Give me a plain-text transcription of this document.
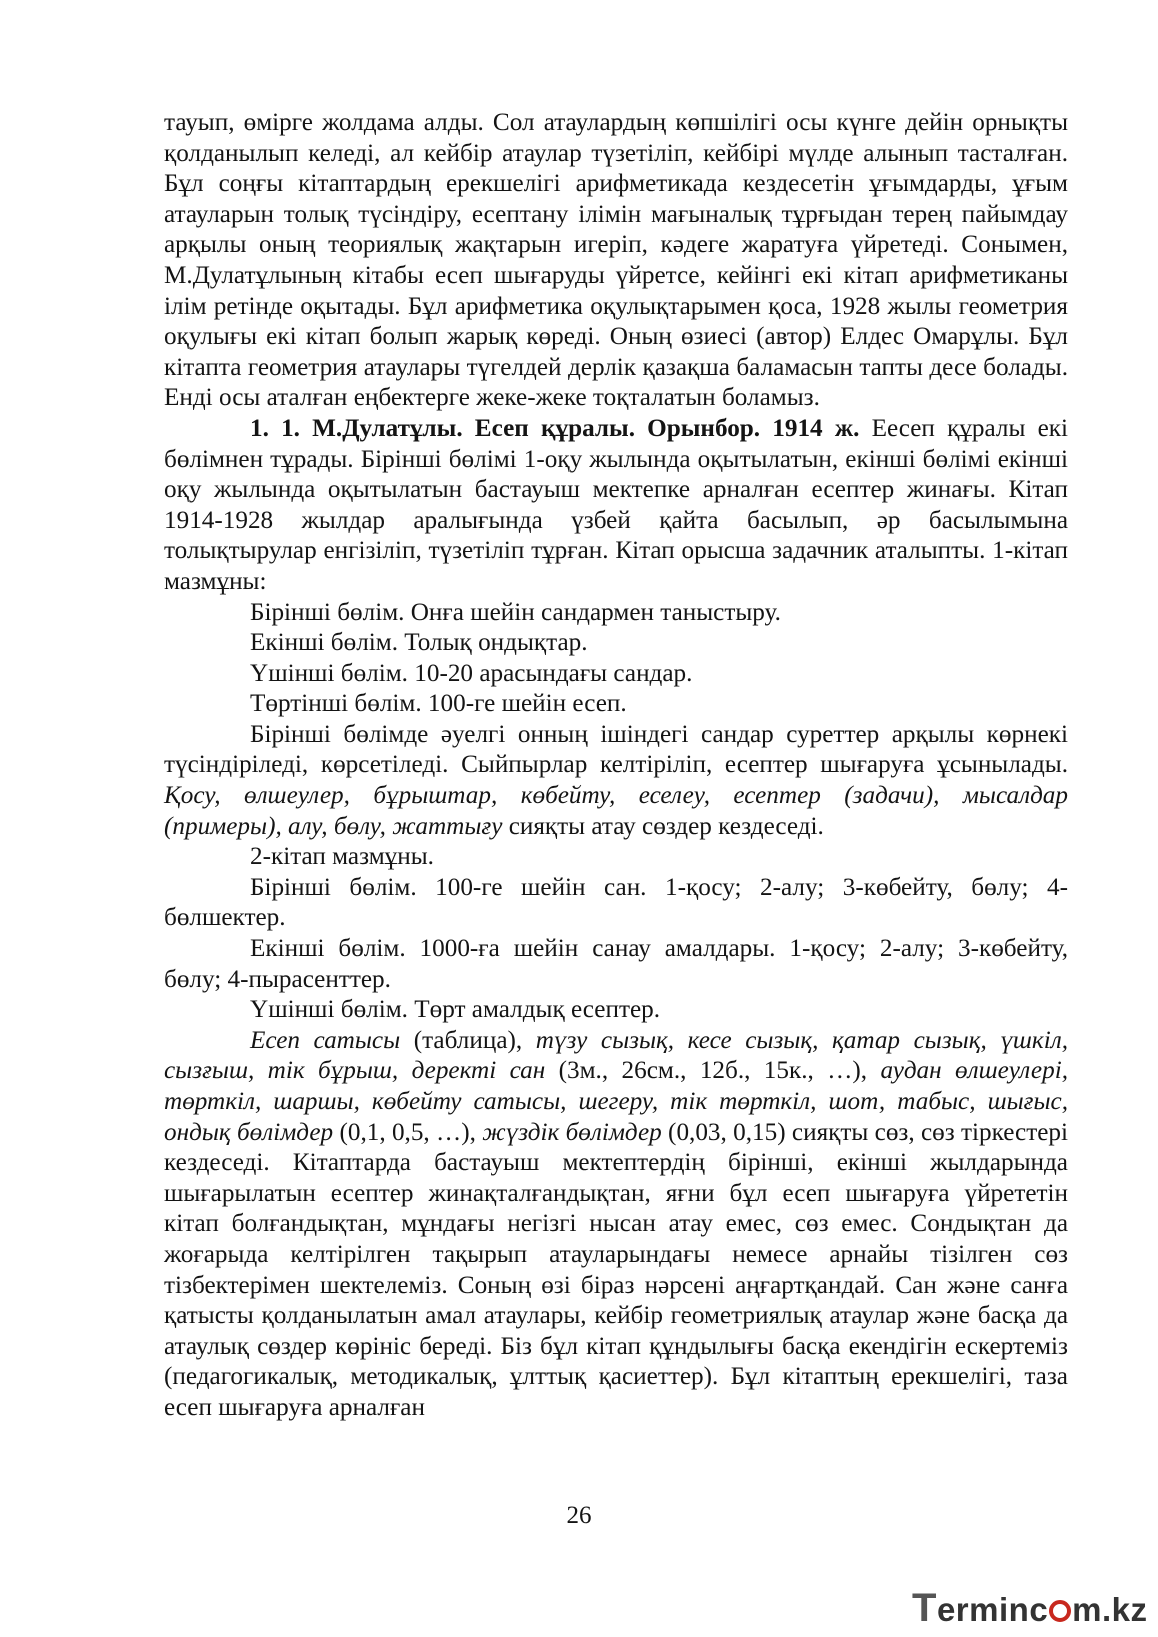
тауып, өмірге жолдама алды. Сол атаулардың көпшілігі осы күнге дейін орнықты қолданылып келеді, ал кейбір атаулар түзетіліп, кейбірі мүлде алынып тасталған. Бұл соңғы кітаптардың ерекшелігі арифметикада кездесетін ұғымдарды, ұғым атауларын толық түсіндіру, есептану ілімін мағыналық тұрғыдан терең пайымдау арқылы оның теориялық жақтарын игеріп, кәдеге жаратуға үйретеді. Сонымен, М.Дулатұлының кітабы есеп шығаруды үйретсе, кейінгі екі кітап арифметиканы ілім ретінде оқытады. Бұл арифметика оқулықтарымен қоса, 1928 жылы геометрия оқулығы екі кітап болып жарық көреді. Оның өзиесі (автор) Елдес Омарұлы. Бұл кітапта геометрия атаулары түгелдей дерлік қазақша баламасын тапты десе болады. Енді осы аталған еңбектерге жеке-жеке тоқталатын боламыз.

1. 1. М.Дулатұлы. Есеп құралы. Орынбор. 1914 ж. Еесеп құралы екі бөлімнен тұрады. Бірінші бөлімі 1-оқу жылында оқытылатын, екінші бөлімі екінші оқу жылында оқытылатын бастауыш мектепке арналған есептер жинағы. Кітап 1914-1928 жылдар аралығында үзбей қайта басылып, әр басылымына толықтырулар енгізіліп, түзетіліп тұрған. Кітап орысша задачник аталыпты. 1-кітап мазмұны:

Бірінші бөлім. Онға шейін сандармен таныстыру.

Екінші бөлім. Толық ондықтар.

Үшінші бөлім. 10-20 арасындағы сандар.

Төртінші бөлім. 100-ге шейін есеп.

Бірінші бөлімде әуелгі онның ішіндегі сандар суреттер арқылы көрнекі түсіндіріледі, көрсетіледі. Сыйпырлар келтіріліп, есептер шығаруға ұсынылады. Қосу, өлшеулер, бұрыштар, көбейту, еселеу, есептер (задачи), мысалдар (примеры), алу, бөлу, жаттығу сияқты атау сөздер кездеседі.

2-кітап мазмұны.

Бірінші бөлім. 100-ге шейін сан. 1-қосу; 2-алу; 3-көбейту, бөлу; 4-бөлшектер.

Екінші бөлім. 1000-ға шейін санау амалдары. 1-қосу; 2-алу; 3-көбейту, бөлу; 4-пырасенттер.

Үшінші бөлім. Төрт амалдық есептер.

Есеп сатысы (таблица), түзу сызық, кесе сызық, қатар сызық, үшкіл, сызғыш, тік бұрыш, деректі сан (3м., 26см., 12б., 15к., …), аудан өлшеулері, төрткіл, шаршы, көбейту сатысы, шегеру, тік төрткіл, шот, табыс, шығыс, ондық бөлімдер (0,1, 0,5, …), жүздік бөлімдер (0,03, 0,15) сияқты сөз, сөз тіркестері кездеседі. Кітаптарда бастауыш мектептердің бірінші, екінші жылдарында шығарылатын есептер жинақталғандықтан, яғни бұл есеп шығаруға үйрететін кітап болғандықтан, мұндағы негізгі нысан атау емес, сөз емес. Сондықтан да жоғарыда келтірілген тақырып атауларындағы немесе арнайы тізілген сөз тізбектерімен шектелеміз. Соның өзі біраз нәрсені аңғартқандай. Сан және санға қатысты қолданылатын амал атаулары, кейбір геометриялық атаулар және басқа да атаулық сөздер көрініс береді. Біз бұл кітап құндылығы басқа екендігін ескертеміз (педагогикалық, методикалық, ұлттық қасиеттер). Бұл кітаптың ерекшелігі, таза есеп шығаруға арналған

26
Terminc m.kz
